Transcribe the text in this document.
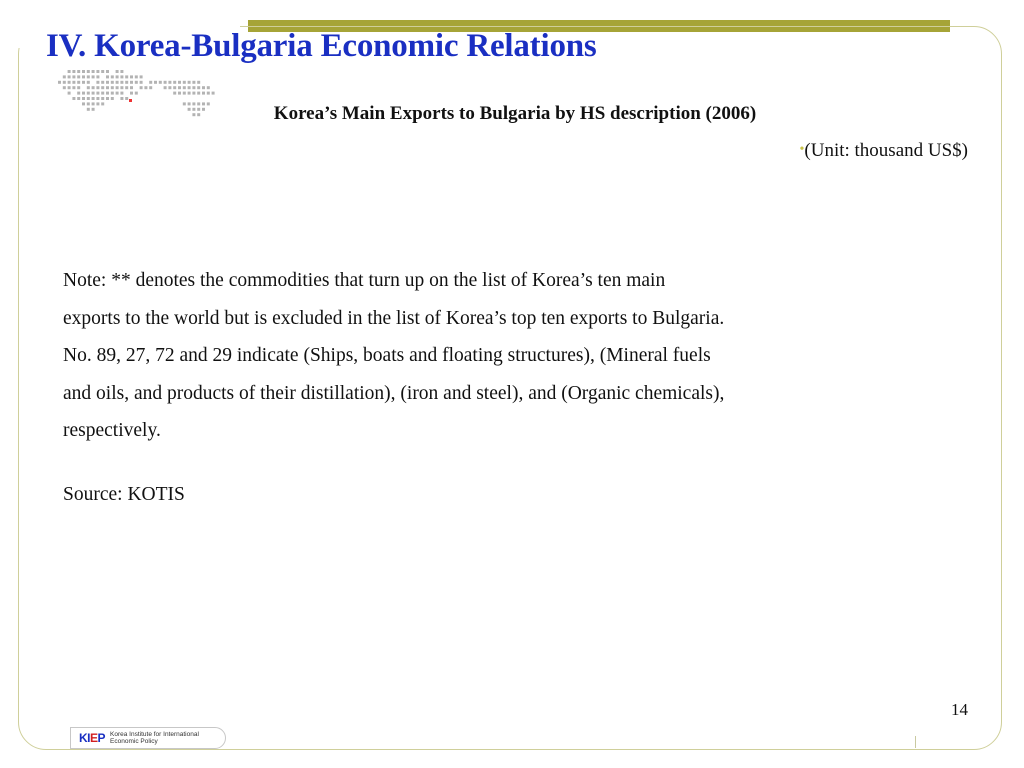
IV. Korea-Bulgaria Economic Relations
Korea’s Main Exports to Bulgaria by HS description (2006)
•(Unit: thousand US$)

Note: ** denotes the commodities that turn up on the list of Korea’s ten main

exports to the world but is excluded in the list of Korea’s top ten exports to Bulgaria.

No. 89, 27, 72 and 29 indicate (Ships, boats and floating structures), (Mineral fuels

and oils, and products of their distillation), (iron and steel), and (Organic chemicals),

respectively.

Source: KOTIS
14
KIEP Korea Institute for International
Economic Policy
